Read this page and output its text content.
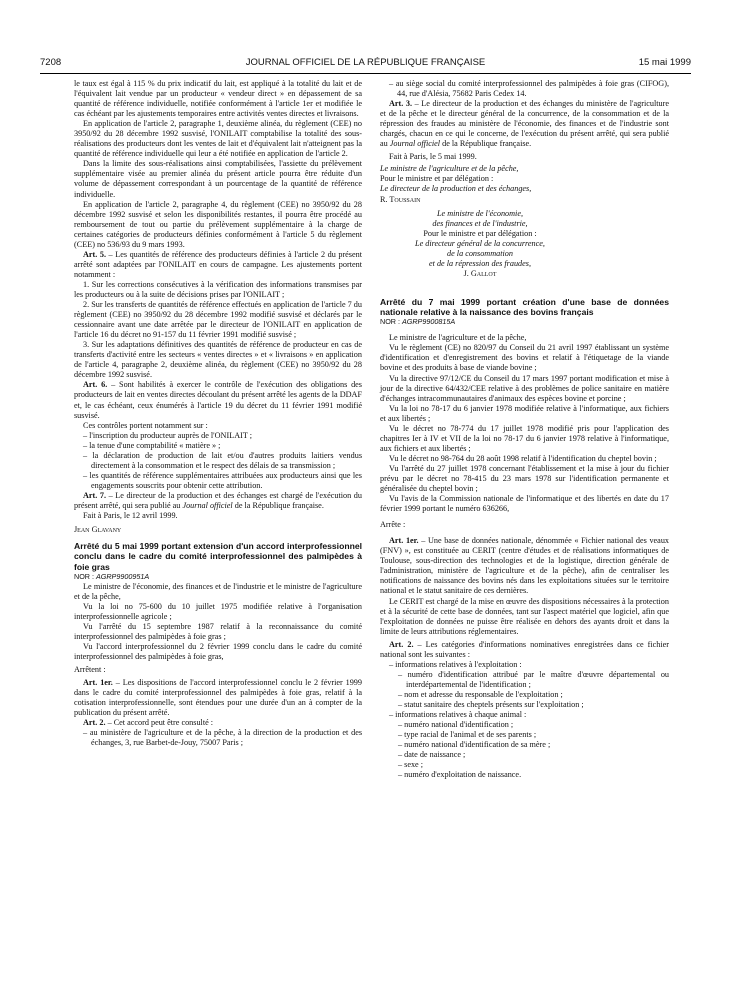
7208	JOURNAL OFFICIEL DE LA RÉPUBLIQUE FRANÇAISE	15 mai 1999

le taux est égal à 115 % du prix indicatif du lait, est appliqué à la totalité du lait et de l'équivalent lait vendue par un producteur « vendeur direct » en dépassement de sa quantité de référence individuelle, notifiée conformément à l'article 1er et modifiée le cas échéant par les ajustements temporaires entre activités ventes directes et livraisons.

En application de l'article 2, paragraphe 1, deuxième alinéa, du règlement (CEE) no 3950/92 du 28 décembre 1992 susvisé, l'ONILAIT comptabilise la totalité des sous-réalisations des producteurs dont les ventes de lait et d'équivalent lait n'atteignent pas la quantité de référence individuelle qui leur a été notifiée en application de l'article 2.

Dans la limite des sous-réalisations ainsi comptabilisées, l'assiette du prélèvement supplémentaire visée au premier alinéa du présent article pourra être réduite d'un volume de dépassement correspondant à un pourcentage de la quantité de référence individuelle.

En application de l'article 2, paragraphe 4, du règlement (CEE) no 3950/92 du 28 décembre 1992 susvisé et selon les disponibilités restantes, il pourra être procédé au remboursement de tout ou partie du prélèvement supplémentaire à la charge de certaines catégories de producteurs définies conformément à l'article 5 du règlement (CEE) no 536/93 du 9 mars 1993.

Art. 5. – Les quantités de référence des producteurs définies à l'article 2 du présent arrêté sont adaptées par l'ONILAIT en cours de campagne. Les ajustements portent notamment :

1. Sur les corrections consécutives à la vérification des informations transmises par les producteurs ou à la suite de décisions prises par l'ONILAIT ;

2. Sur les transferts de quantités de référence effectués en application de l'article 7 du règlement (CEE) no 3950/92 du 28 décembre 1992 modifié susvisé et déclarés par le cessionnaire avant une date arrêtée par le directeur de l'ONILAIT en application de l'article 16 du décret no 91-157 du 11 février 1991 modifié susvisé ;

3. Sur les adaptations définitives des quantités de référence de producteur en cas de transferts d'activité entre les secteurs « ventes directes » et « livraisons » en application de l'article 4, paragraphe 2, deuxième alinéa, du règlement (CEE) no 3950/92 du 28 décembre 1992 susvisé.

Art. 6. – Sont habilités à exercer le contrôle de l'exécution des obligations des producteurs de lait en ventes directes découlant du présent arrêté les agents de la DDAF et, le cas échéant, ceux énumérés à l'article 19 du décret du 11 février 1991 modifié susvisé.

Ces contrôles portent notamment sur :

– l'inscription du producteur auprès de l'ONILAIT ;
– la tenue d'une comptabilité « matière » ;
– la déclaration de production de lait et/ou d'autres produits laitiers vendus directement à la consommation et le respect des délais de sa transmission ;
– les quantités de référence supplémentaires attribuées aux producteurs ainsi que les engagements souscrits pour obtenir cette attribution.

Art. 7. – Le directeur de la production et des échanges est chargé de l'exécution du présent arrêté, qui sera publié au Journal officiel de la République française.

Fait à Paris, le 12 avril 1999.

Jean Glavany

Arrêté du 5 mai 1999 portant extension d'un accord interprofessionnel conclu dans le cadre du comité interprofessionnel des palmipèdes à foie gras

NOR : AGRP9900951A

Le ministre de l'économie, des finances et de l'industrie et le ministre de l'agriculture et de la pêche,

Vu la loi no 75-600 du 10 juillet 1975 modifiée relative à l'organisation interprofessionnelle agricole ;

Vu l'arrêté du 15 septembre 1987 relatif à la reconnaissance du comité interprofessionnel des palmipèdes à foie gras ;

Vu l'accord interprofessionnel du 2 février 1999 conclu dans le cadre du comité interprofessionnel des palmipèdes à foie gras,

Arrêtent :

Art. 1er. – Les dispositions de l'accord interprofessionnel conclu le 2 février 1999 dans le cadre du comité interprofessionnel des palmipèdes à foie gras, relatif à la cotisation interprofessionnelle, sont étendues pour une durée d'un an à compter de la publication du présent arrêté.

Art. 2. – Cet accord peut être consulté :

– au ministère de l'agriculture et de la pêche, à la direction de la production et des échanges, 3, rue Barbet-de-Jouy, 75007 Paris ;
– au siège social du comité interprofessionnel des palmipèdes à foie gras (CIFOG), 44, rue d'Alésia, 75682 Paris Cedex 14.

Art. 3. – Le directeur de la production et des échanges du ministère de l'agriculture et de la pêche et le directeur général de la concurrence, de la consommation et de la répression des fraudes au ministère de l'économie, des finances et de l'industrie sont chargés, chacun en ce qui le concerne, de l'exécution du présent arrêté, qui sera publié au Journal officiel de la République française.

Fait à Paris, le 5 mai 1999.

Le ministre de l'agriculture et de la pêche,

Pour le ministre et par délégation :

Le directeur de la production et des échanges,

R. Toussain

Le ministre de l'économie,

des finances et de l'industrie,

Pour le ministre et par délégation :

Le directeur général de la concurrence,

de la consommation

et de la répression des fraudes,

J. Gallot

Arrêté du 7 mai 1999 portant création d'une base de données nationale relative à la naissance des bovins français

NOR : AGRP9900815A

Le ministre de l'agriculture et de la pêche,

Vu le règlement (CE) no 820/97 du Conseil du 21 avril 1997 établissant un système d'identification et d'enregistrement des bovins et relatif à l'étiquetage de la viande bovine et des produits à base de viande bovine ;

Vu la directive 97/12/CE du Conseil du 17 mars 1997 portant modification et mise à jour de la directive 64/432/CEE relative à des problèmes de police sanitaire en matière d'échanges intracommunautaires d'animaux des espèces bovine et porcine ;

Vu la loi no 78-17 du 6 janvier 1978 modifiée relative à l'informatique, aux fichiers et aux libertés ;

Vu le décret no 78-774 du 17 juillet 1978 modifié pris pour l'application des chapitres Ier à IV et VII de la loi no 78-17 du 6 janvier 1978 relative à l'informatique, aux fichiers et aux libertés ;

Vu le décret no 98-764 du 28 août 1998 relatif à l'identification du cheptel bovin ;

Vu l'arrêté du 27 juillet 1978 concernant l'établissement et la mise à jour du fichier prévu par le décret no 78-415 du 23 mars 1978 sur l'identification permanente et généralisée du cheptel bovin ;

Vu l'avis de la Commission nationale de l'informatique et des libertés en date du 17 février 1999 portant le numéro 636266,

Arrête :

Art. 1er. – Une base de données nationale, dénommée « Fichier national des veaux (FNV) », est constituée au CERIT (centre d'études et de réalisations informatiques de Toulouse, sous-direction des technologies et de la logistique, direction générale de l'administration, ministère de l'agriculture et de la pêche), afin de centraliser les notifications de naissance des bovins nés dans les exploitations situées sur le territoire national et le statut sanitaire de ces dernières.

Le CERIT est chargé de la mise en œuvre des dispositions nécessaires à la protection et à la sécurité de cette base de données, tant sur l'aspect matériel que logiciel, afin que l'exploitation de données ne puisse être réalisée en dehors des ayants droit et dans la limite de leurs attributions réglementaires.

Art. 2. – Les catégories d'informations nominatives enregistrées dans ce fichier national sont les suivantes :

– informations relatives à l'exploitation :
– numéro d'identification attribué par le maître d'œuvre départemental ou interdépartemental de l'identification ;
– nom et adresse du responsable de l'exploitation ;
– statut sanitaire des cheptels présents sur l'exploitation ;
– informations relatives à chaque animal :
– numéro national d'identification ;
– type racial de l'animal et de ses parents ;
– numéro national d'identification de sa mère ;
– date de naissance ;
– sexe ;
– numéro d'exploitation de naissance.
